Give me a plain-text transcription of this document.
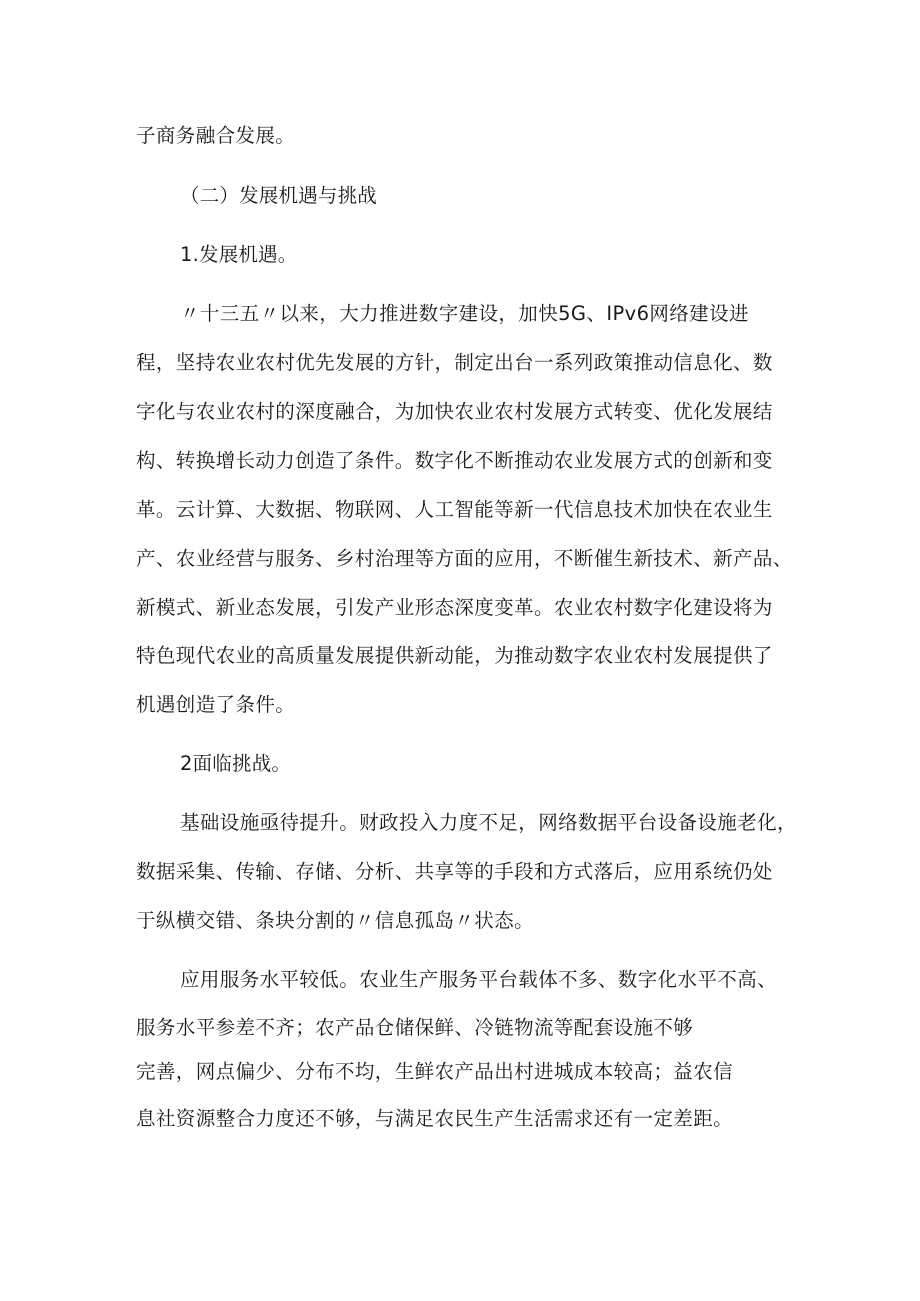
子商务融合发展。
（二）发展机遇与挑战
1.发展机遇。
〃十三五〃以来，大力推进数字建设，加快5G、IPv6网络建设进
程，坚持农业农村优先发展的方针，制定出台一系列政策推动信息化、数
字化与农业农村的深度融合，为加快农业农村发展方式转变、优化发展结
构、转换增长动力创造了条件。数字化不断推动农业发展方式的创新和变
革。云计算、大数据、物联网、人工智能等新一代信息技术加快在农业生
产、农业经营与服务、乡村治理等方面的应用，不断催生新技术、新产品、
新模式、新业态发展，引发产业形态深度变革。农业农村数字化建设将为
特色现代农业的高质量发展提供新动能，为推动数字农业农村发展提供了
机遇创造了条件。
2面临挑战。
基础设施亟待提升。财政投入力度不足，网络数据平台设备设施老化，
数据采集、传输、存储、分析、共享等的手段和方式落后，应用系统仍处
于纵横交错、条块分割的〃信息孤岛〃状态。
应用服务水平较低。农业生产服务平台载体不多、数字化水平不高、
服务水平参差不齐；农产品仓储保鲜、冷链物流等配套设施不够
完善，网点偏少、分布不均，生鲜农产品出村进城成本较高；益农信
息社资源整合力度还不够，与满足农民生产生活需求还有一定差距。
